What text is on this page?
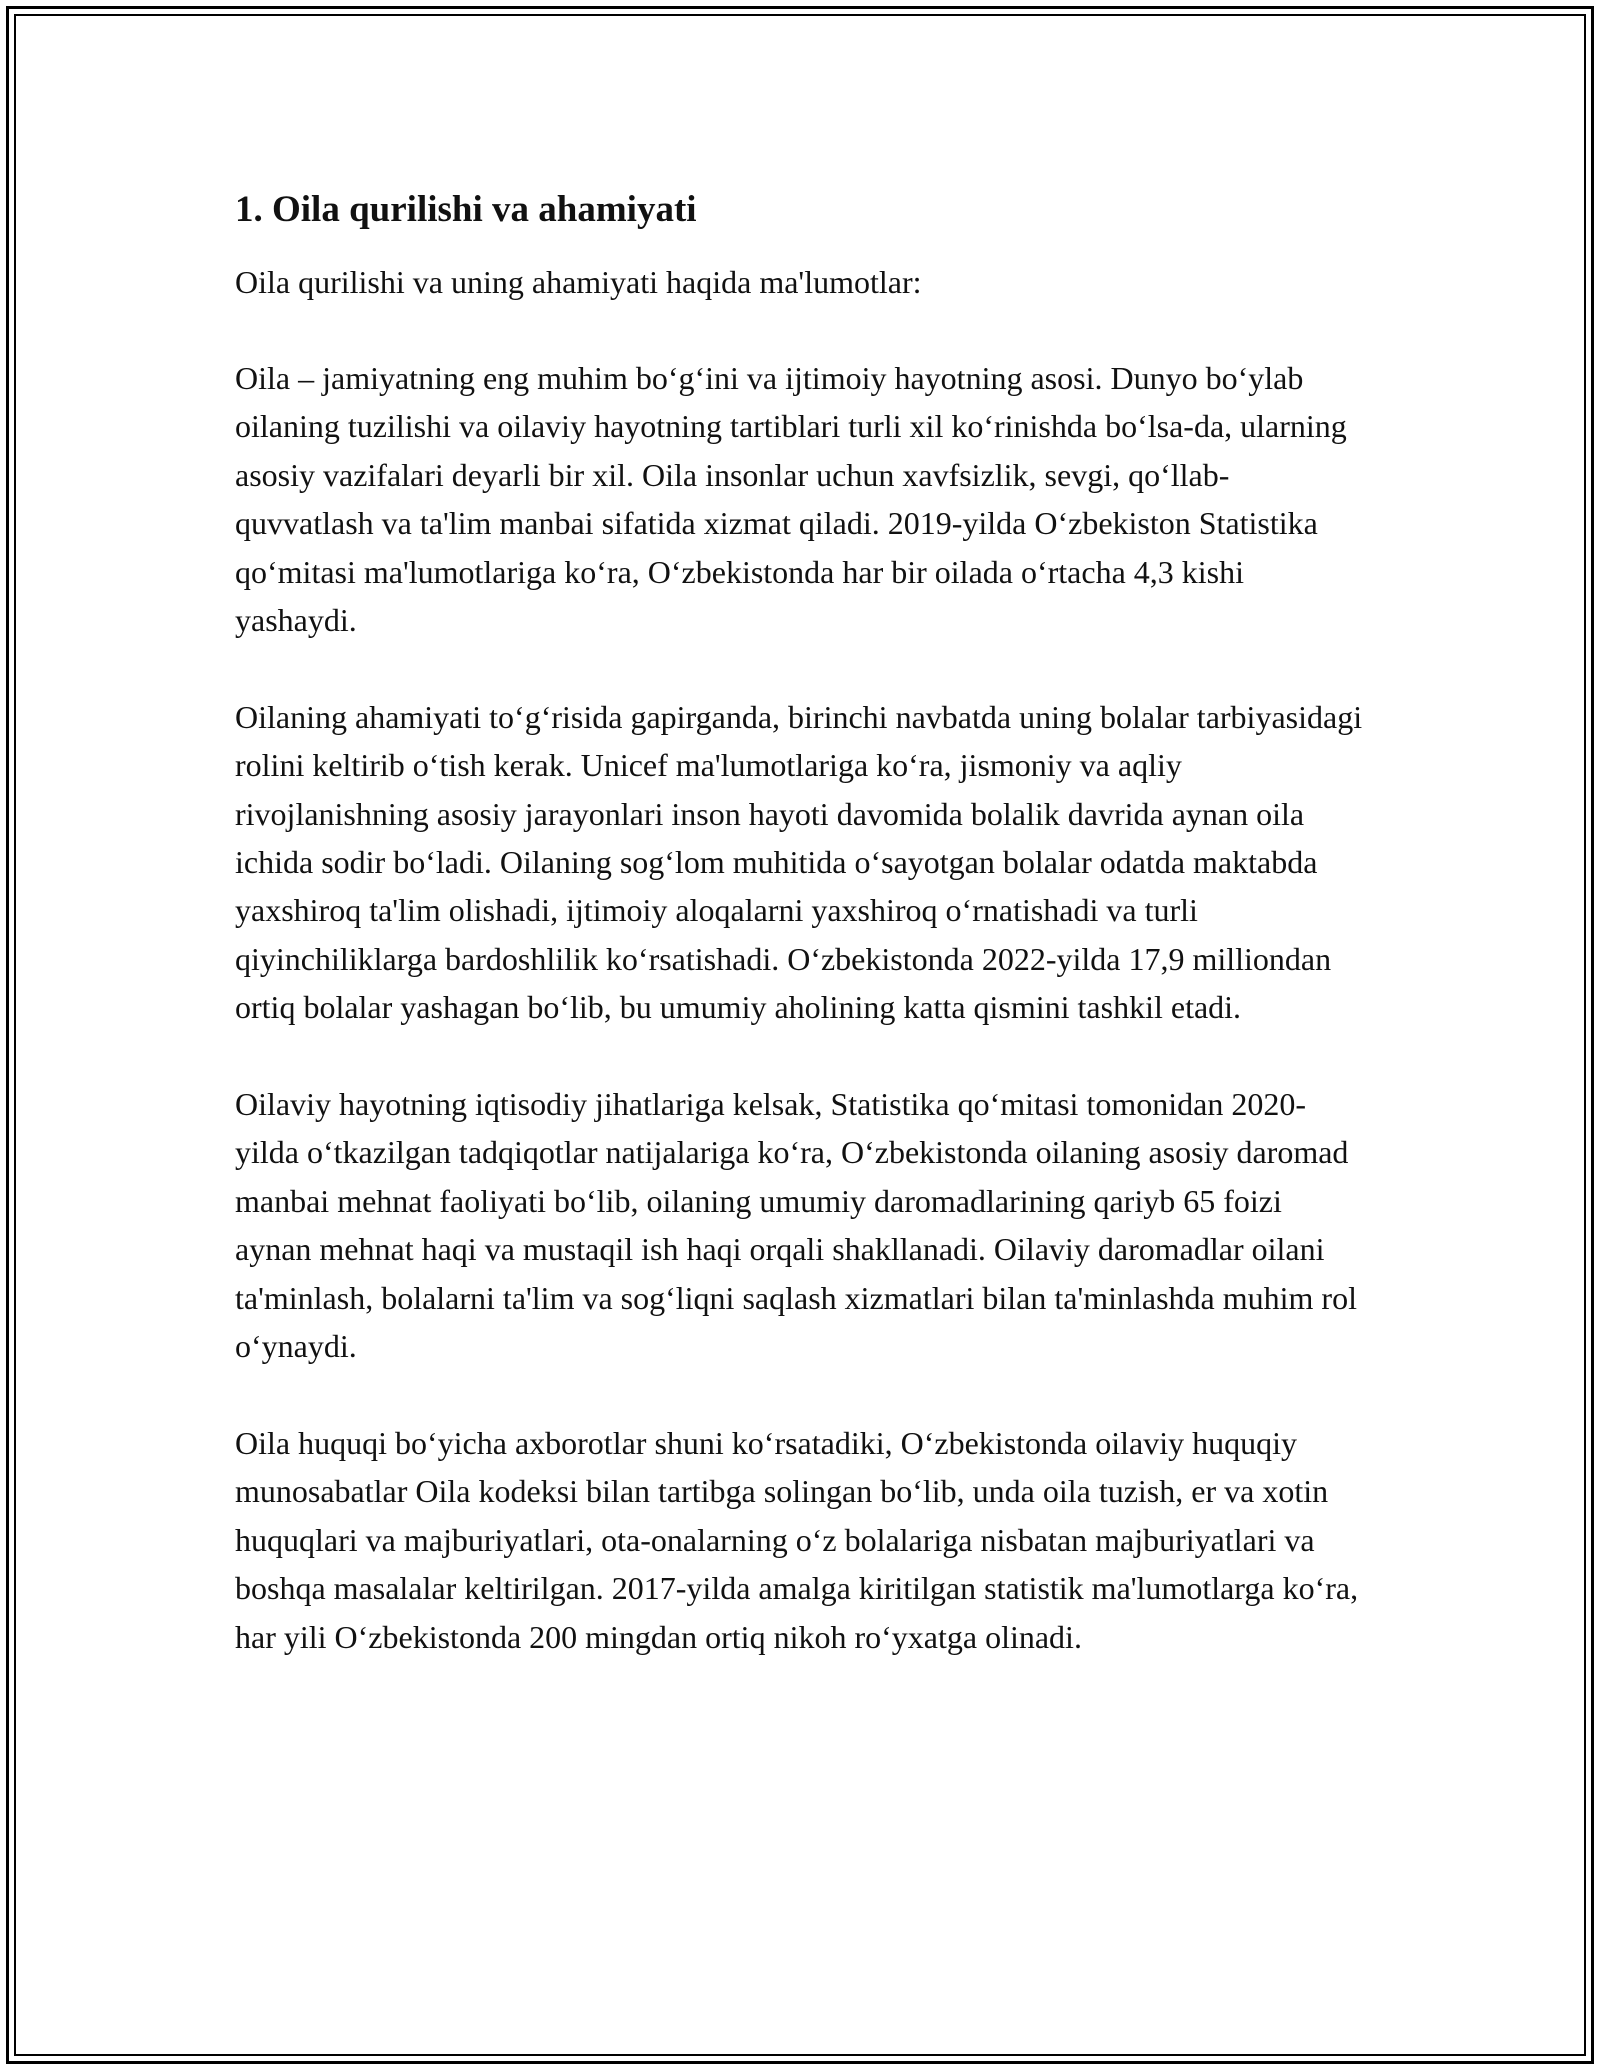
1. Oila qurilishi va ahamiyati

Oila qurilishi va uning ahamiyati haqida ma'lumotlar:

Oila – jamiyatning eng muhim bo‘g‘ini va ijtimoiy hayotning asosi. Dunyo bo‘ylab oilaning tuzilishi va oilaviy hayotning tartiblari turli xil ko‘rinishda bo‘lsa-da, ularning asosiy vazifalari deyarli bir xil. Oila insonlar uchun xavfsizlik, sevgi, qo‘llab-quvvatlash va ta'lim manbai sifatida xizmat qiladi. 2019-yilda O‘zbekiston Statistika qo‘mitasi ma'lumotlariga ko‘ra, O‘zbekistonda har bir oilada o‘rtacha 4,3 kishi yashaydi.

Oilaning ahamiyati to‘g‘risida gapirganda, birinchi navbatda uning bolalar tarbiyasidagi rolini keltirib o‘tish kerak. Unicef ma'lumotlariga ko‘ra, jismoniy va aqliy rivojlanishning asosiy jarayonlari inson hayoti davomida bolalik davrida aynan oila ichida sodir bo‘ladi. Oilaning sog‘lom muhitida o‘sayotgan bolalar odatda maktabda yaxshiroq ta'lim olishadi, ijtimoiy aloqalarni yaxshiroq o‘rnatishadi va turli qiyinchiliklarga bardoshlilik ko‘rsatishadi. O‘zbekistonda 2022-yilda 17,9 milliondan ortiq bolalar yashagan bo‘lib, bu umumiy aholining katta qismini tashkil etadi.

Oilaviy hayotning iqtisodiy jihatlariga kelsak, Statistika qo‘mitasi tomonidan 2020-yilda o‘tkazilgan tadqiqotlar natijalariga ko‘ra, O‘zbekistonda oilaning asosiy daromad manbai mehnat faoliyati bo‘lib, oilaning umumiy daromadlarining qariyb 65 foizi aynan mehnat haqi va mustaqil ish haqi orqali shakllanadi. Oilaviy daromadlar oilani ta'minlash, bolalarni ta'lim va sog‘liqni saqlash xizmatlari bilan ta'minlashda muhim rol o‘ynaydi.

Oila huquqi bo‘yicha axborotlar shuni ko‘rsatadiki, O‘zbekistonda oilaviy huquqiy munosabatlar Oila kodeksi bilan tartibga solingan bo‘lib, unda oila tuzish, er va xotin huquqlari va majburiyatlari, ota-onalarning o‘z bolalariga nisbatan majburiyatlari va boshqa masalalar keltirilgan. 2017-yilda amalga kiritilgan statistik ma'lumotlarga ko‘ra, har yili O‘zbekistonda 200 mingdan ortiq nikoh ro‘yxatga olinadi.
